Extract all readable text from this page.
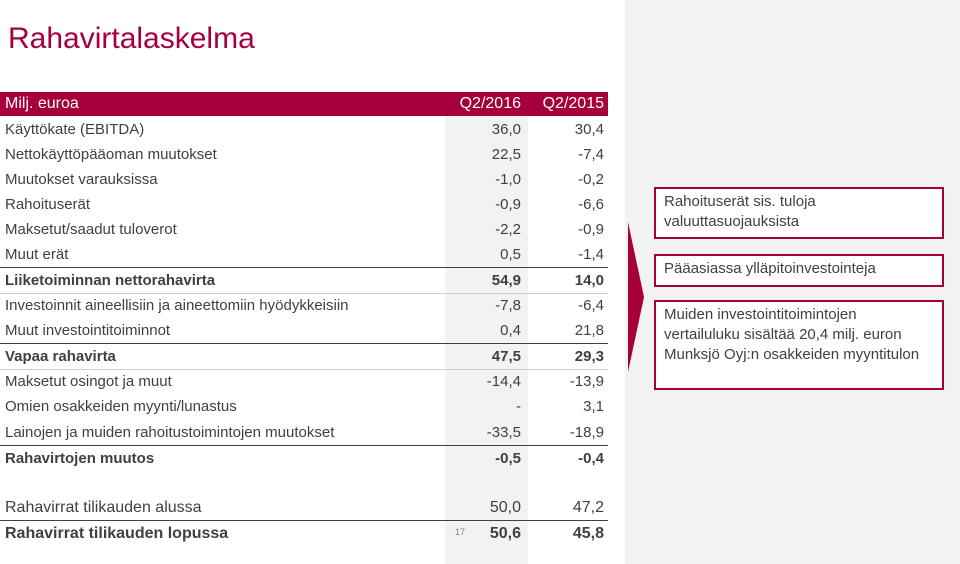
Rahavirtalaskelma
Milj. euroa	Q2/2016 Q2/2015
Käyttökate (EBITDA)	36,0	30,4
Nettokäyttöpääoman muutokset	22,5	-7,4
Muutokset varauksissa	-1,0	-0,2
Rahoituserät	-0,9	-6,6
Maksetut/saadut tuloverot	-2,2	-0,9
Muut erät	0,5	-1,4
Liiketoiminnan nettorahavirta	54,9	14,0
Investoinnit aineellisiin ja aineettomiin hyödykkeisiin	-7,8	-6,4
Muut investointitoiminnot	0,4	21,8
Vapaa rahavirta	47,5	29,3
Maksetut osingot ja muut	-14,4	-13,9
Omien osakkeiden myynti/lunastus	-	3,1
Lainojen ja muiden rahoitustoimintojen muutokset	-33,5	-18,9
Rahavirtojen muutos	-0,5	-0,4
Rahavirrat tilikauden alussa	50,0	47,2
Rahavirrat tilikauden lopussa	50,6	45,8
17
Rahoituserät sis. tuloja valuuttasuojauksista
Pääasiassa ylläpitoinvestointeja
Muiden investointitoimintojen vertailuluku sisältää 20,4 milj. euron Munksjö Oyj:n osakkeiden myyntitulon
